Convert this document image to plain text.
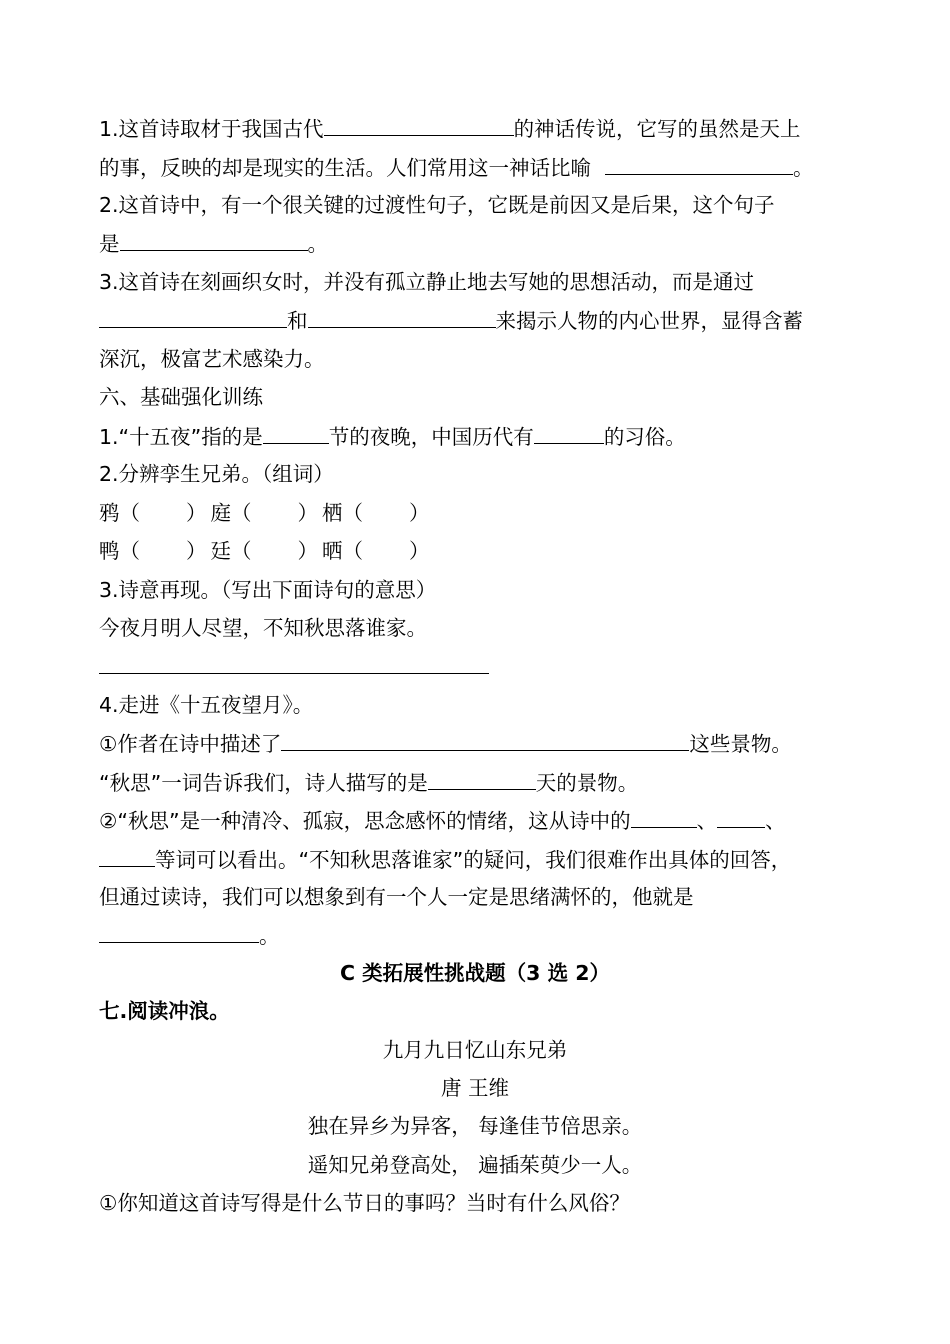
1.这首诗取材于我国古代	的神话传说，它写的虽然是天上
的事，反映的却是现实的生活。人们常用这一神话比喻	。
2.这首诗中，有一个很关键的过渡性句子，它既是前因又是后果，这个句子
是	。
3.这首诗在刻画织女时，并没有孤立静止地去写她的思想活动，而是通过
和	来揭示人物的内心世界，显得含蓄
深沉，极富艺术感染力。
六、基础强化训练
1.“十五夜”指的是	节的夜晚，中国历代有	的习俗。
2.分辨孪生兄弟。（组词）
鸦（ ） 庭（ ） 栖（ ）
鸭（ ） 廷（ ） 晒（ ）
3.诗意再现。（写出下面诗句的意思）
今夜月明人尽望，不知秋思落谁家。
4.走进《十五夜望月》。
①作者在诗中描述了	这些景物。
“秋思”一词告诉我们，诗人描写的是	天的景物。
②“秋思”是一种清冷、孤寂，思念感怀的情绪，这从诗中的	、 、
等词可以看出。“不知秋思落谁家”的疑问，我们很难作出具体的回答，
但通过读诗，我们可以想象到有一个人一定是思绪满怀的，他就是
。
C 类拓展性挑战题（3 选 2）
七.阅读冲浪。
九月九日忆山东兄弟
唐 王维
独在异乡为异客， 每逢佳节倍思亲。
遥知兄弟登高处， 遍插茱萸少一人。
①你知道这首诗写得是什么节日的事吗？当时有什么风俗？
